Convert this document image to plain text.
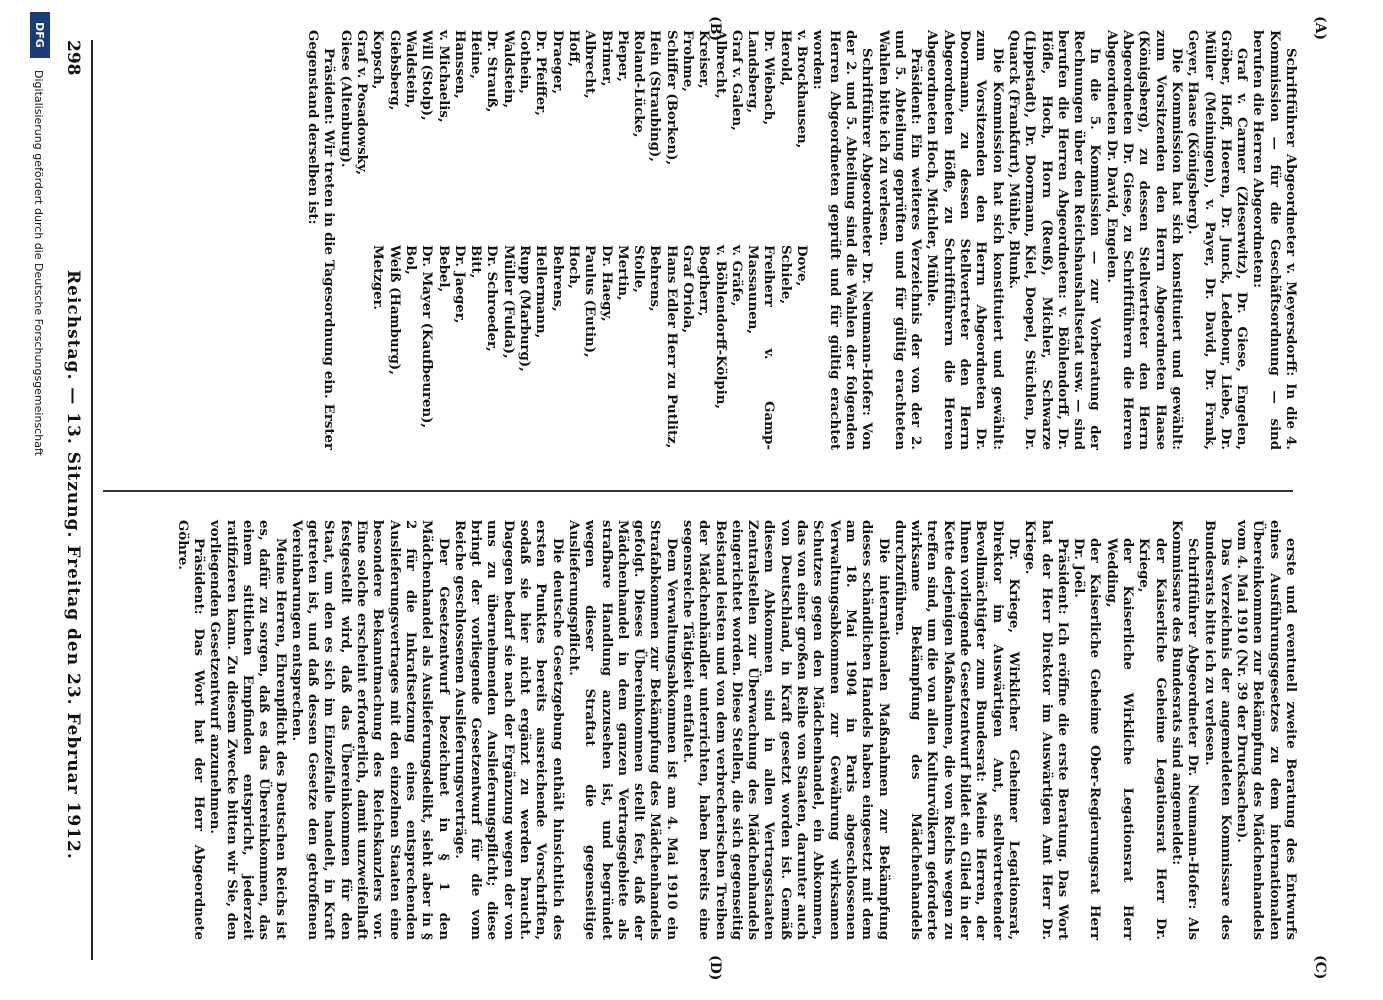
298
Reichstag. — 13. Sitzung. Freitag den 23. Februar 1912.
(A)
(B)
(C)
(D)

Schriftführer Abgeordneter v. Meyersdorff: In die 4. Kommission — für die Geschäftsordnung — sind berufen die Herren Abgeordneten:

Graf v. Carmer (Zieserwitz), Dr. Giese, Engelen, Gröber, Hoff, Hoeren, Dr. Junck, Ledebour, Liebe, Dr. Müller (Meiningen), v. Payer, Dr. David, Dr. Frank, Geyer, Haase (Königsberg).

Die Kommission hat sich konstituiert und gewählt: zum Vorsitzenden den Herrn Abgeordneten Haase (Königsberg), zu dessen Stellvertreter den Herrn Abgeordneten Dr. Giese, zu Schriftführern die Herren Abgeordneten Dr. David, Engelen.

In die 5. Kommission — zur Vorberatung der Rechnungen über den Reichshaushaltsetat usw. — sind berufen die Herren Abgeordneten: v. Böhlendorff, Dr. Höfle, Hoch, Horn (Reuß), Michler, Schwarze (Lippstadt), Dr. Doormann, Kiel, Doepel, Stüchlen, Dr. Quarck (Frankfurt), Mühle, Blunk.

Die Kommission hat sich konstituiert und gewählt: zum Vorsitzenden den Herrn Abgeordneten Dr. Doormann, zu dessen Stellvertreter den Herrn Abgeordneten Höfle, zu Schriftführern die Herren Abgeordneten Hoch, Michler, Mühle.

Präsident: Ein weiteres Verzeichnis der von der 2. und 5. Abteilung geprüften und für gültig erachteten Wahlen bitte ich zu verlesen.

Schriftführer Abgeordneter Dr. Neumann-Hofer: Von der 2. und 5. Abteilung sind die Wahlen der folgenden Herren Abgeordneten geprüft und für gültig erachtet worden:

v. Brockhausen,
Herold,
Dr. Wiebach,
Landsberg,
Graf v. Galen,
Albrecht,
Kreiser,
Frohme,
Schiffer (Borken),
Hein (Straubing),
Roland-Lücke,
Pieper,
Brimer,
Albrecht,
Hoff,
Draeger,
Dr. Pfeiffer,
Gothein,
Waldstein,
Dr. Strauß,
Heine,
Hanssen,
v. Michaelis,
Will (Stolp),
Waldstein,
Giebsberg,
Kopsch,
Graf v. Posadowsky,
Giese (Altenburg).
Dove,
Schiele,
Freiherr v. Gamp-Massaunen,
v. Gräfe,
v. Böhlendorff-Kölpin,
Bogtherr,
Graf Oriola,
Hans Edler Herr zu Putlitz,
Behrens,
Stolle,
Mertin,
Dr. Haegy,
Paulus (Eutin),
Hoch,
Behrens,
Hellermann,
Rupp (Marburg),
Müller (Fulda),
Dr. Schroeder,
Bitt,
Dr. Jaeger,
Bebel,
Dr. Mayer (Kaufbeuren),
Bol,
Weiß (Hamburg),
Metzger.

Präsident: Wir treten in die Tagesordnung ein. Erster Gegenstand derselben ist:

erste und eventuell zweite Beratung des Entwurfs eines Ausführungsgesetzes zu dem internationalen Übereinkommen zur Bekämpfung des Mädchenhandels vom 4. Mai 1910 (Nr. 39 der Drucksachen).

Das Verzeichnis der angemeldeten Kommissare des Bundesrats bitte ich zu verlesen.

Schriftführer Abgeordneter Dr. Neumann-Hofer: Als Kommissare des Bundesrats sind angemeldet:

der Kaiserliche Geheime Legationsrat Herr Dr. Kriege,

der Kaiserliche Wirkliche Legationsrat Herr Wedding,

der Kaiserliche Geheime Ober-Regierungsrat Herr Dr. Joël.

Präsident: Ich eröffne die erste Beratung. Das Wort hat der Herr Direktor im Auswärtigen Amt Herr Dr. Kriege.

Dr. Kriege, Wirklicher Geheimer Legationsrat, Direktor im Auswärtigen Amt, stellvertretender Bevollmächtigter zum Bundesrat: Meine Herren, der Ihnen vorliegende Gesetzentwurf bildet ein Glied in der Kette derjenigen Maßnahmen, die von Reichs wegen zu treffen sind, um die von allen Kulturvölkern geforderte wirksame Bekämpfung des Mädchenhandels durchzuführen.

Die internationalen Maßnahmen zur Bekämpfung dieses schändlichen Handels haben eingesetzt mit dem am 18. Mai 1904 in Paris abgeschlossenen Verwaltungsabkommen zur Gewährung wirksamen Schutzes gegen den Mädchenhandel, ein Abkommen, das von einer großen Reihe von Staaten, darunter auch von Deutschland, in Kraft gesetzt worden ist. Gemäß diesem Abkommen sind in allen Vertragsstaaten Zentralstellen zur Überwachung des Mädchenhandels eingerichtet worden. Diese Stellen, die sich gegenseitig Beistand leisten und von dem verbrecherischen Treiben der Mädchenhändler unterrichten, haben bereits eine segensreiche Tätigkeit entfaltet.

Dem Verwaltungsabkommen ist am 4. Mai 1910 ein Strafabkommen zur Bekämpfung des Mädchenhandels gefolgt. Dieses Übereinkommen stellt fest, daß der Mädchenhandel in dem ganzen Vertragsgebiete als strafbare Handlung anzusehen ist, und begründet wegen dieser Straftat die gegenseitige Auslieferungspflicht.

Die deutsche Gesetzgebung enthält hinsichtlich des ersten Punktes bereits ausreichende Vorschriften, sodaß sie hier nicht ergänzt zu werden braucht. Dagegen bedarf sie nach der Ergänzung wegen der von uns zu übernehmenden Auslieferungspflicht; diese bringt der vorliegende Gesetzentwurf für die vom Reiche geschlossenen Auslieferungsverträge.

Der Gesetzentwurf bezeichnet in § 1 den Mädchenhandel als Auslieferungsdelikt, sieht aber in § 2 für die Inkraftsetzung eines entsprechenden Auslieferungsvertrages mit den einzelnen Staaten eine besondere Bekanntmachung des Reichskanzlers vor. Eine solche erscheint erforderlich, damit unzweifelhaft festgestellt wird, daß das Übereinkommen für den Staat, um den es sich im Einzelfalle handelt, in Kraft getreten ist, und daß dessen Gesetze den getroffenen Vereinbarungen entsprechen.

Meine Herren, Ehrenpflicht des Deutschen Reichs ist es, dafür zu sorgen, daß es das Übereinkommen, das einem sittlichen Empfinden entspricht, jederzeit ratifizieren kann. Zu diesem Zwecke bitten wir Sie, den vorliegenden Gesetzentwurf anzunehmen.

Präsident: Das Wort hat der Herr Abgeordnete Göhre.

DFG
Digitalisierung gefördert durch die Deutsche Forschungsgemeinschaft
